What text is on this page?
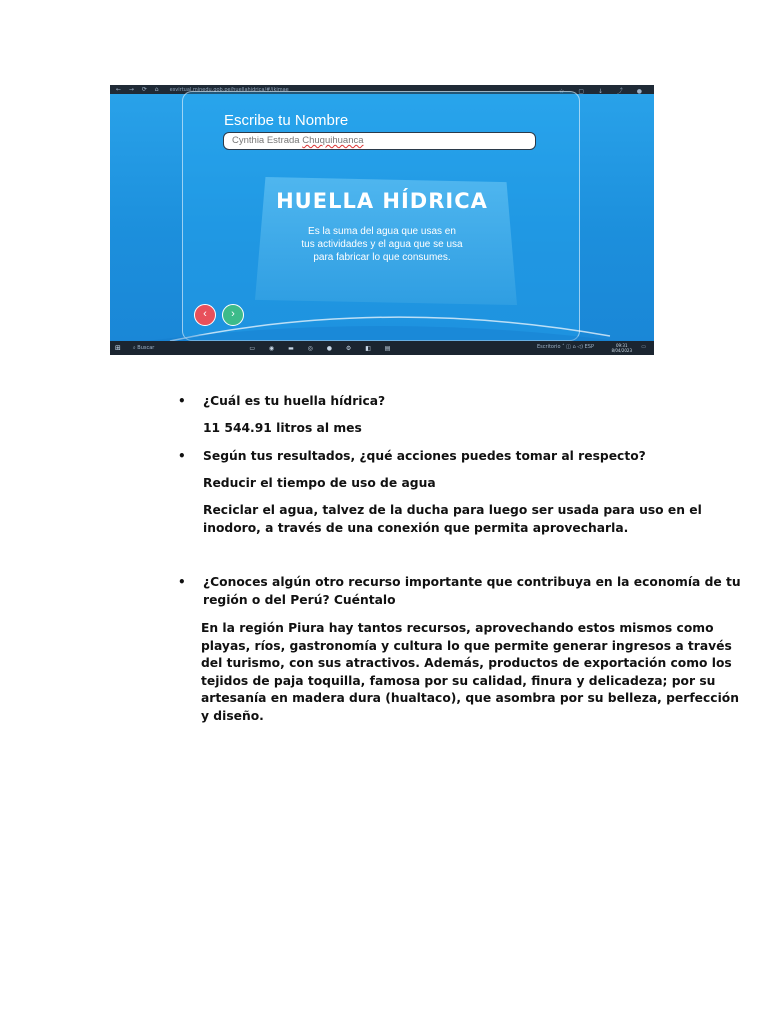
← → ⟳ ⌂ esvirtual.minedu.gob.pe/huellahidrica/#/ikimae	☆ ▢ ↓ ⤴ ●
Escribe tu Nombre
Cynthia Estrada Chuquihuanca
HUELLA HÍDRICA
Es la suma del agua que usas en
tus actividades y el agua que se usa
para fabricar lo que consumes.
‹	›
⊞ ⌕ Buscar	▭ ◉ ▬ ◎ ● ⚙ ◧ ▤	09:31
8/04/2023
Escritorio ˄ ◫ ⌂ ◁) ESP	▭
• ¿Cuál es tu huella hídrica?
11 544.91 litros al mes
• Según tus resultados, ¿qué acciones puedes tomar al respecto?
Reducir el tiempo de uso de agua
Reciclar el agua, talvez de la ducha para luego ser usada para uso en el
inodoro, a través de una conexión que permita aprovecharla.
• ¿Conoces algún otro recurso importante que contribuya en la economía de tu
región o del Perú? Cuéntalo
En la región Piura hay tantos recursos, aprovechando estos mismos como
playas, ríos, gastronomía y cultura lo que permite generar ingresos a través
del turismo, con sus atractivos. Además, productos de exportación como los
tejidos de paja toquilla, famosa por su calidad, finura y delicadeza; por su
artesanía en madera dura (hualtaco), que asombra por su belleza, perfección
y diseño.
